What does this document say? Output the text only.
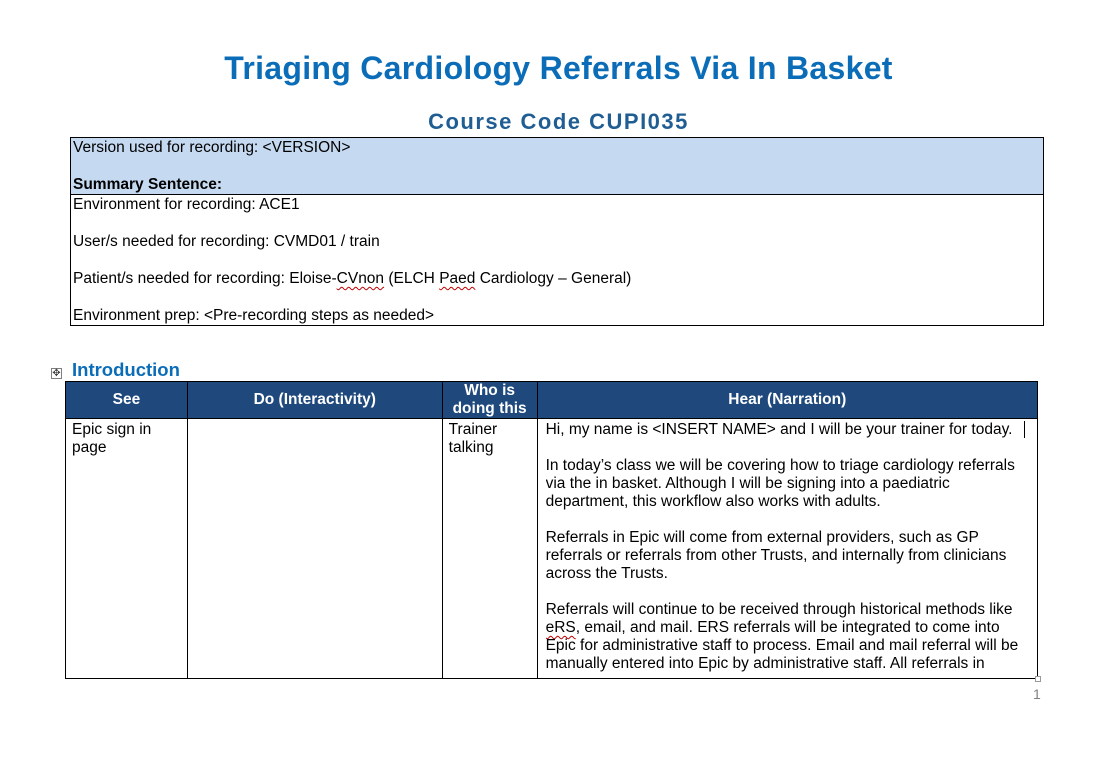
Triaging Cardiology Referrals Via In Basket
Course Code CUPI035

Version used for recording: <VERSION>

Summary Sentence:

Environment for recording: ACE1

User/s needed for recording: CVMD01 / train

Patient/s needed for recording: Eloise-CVnon (ELCH Paed Cardiology – General)

Environment prep: <Pre-recording steps as needed>

✥ Introduction
See	Do (Interactivity)	Who is doing this	Hear (Narration)
Epic sign in page		Trainer talking	Hi, my name is <INSERT NAME> and I will be your trainer for today.

In today’s class we will be covering how to triage cardiology referrals via the in basket. Although I will be signing into a paediatric department, this workflow also works with adults.

Referrals in Epic will come from external providers, such as GP referrals or referrals from other Trusts, and internally from clinicians across the Trusts.

Referrals will continue to be received through historical methods like eRS, email, and mail. ERS referrals will be integrated to come into Epic for administrative staff to process. Email and mail referral will be manually entered into Epic by administrative staff. All referrals in

1
